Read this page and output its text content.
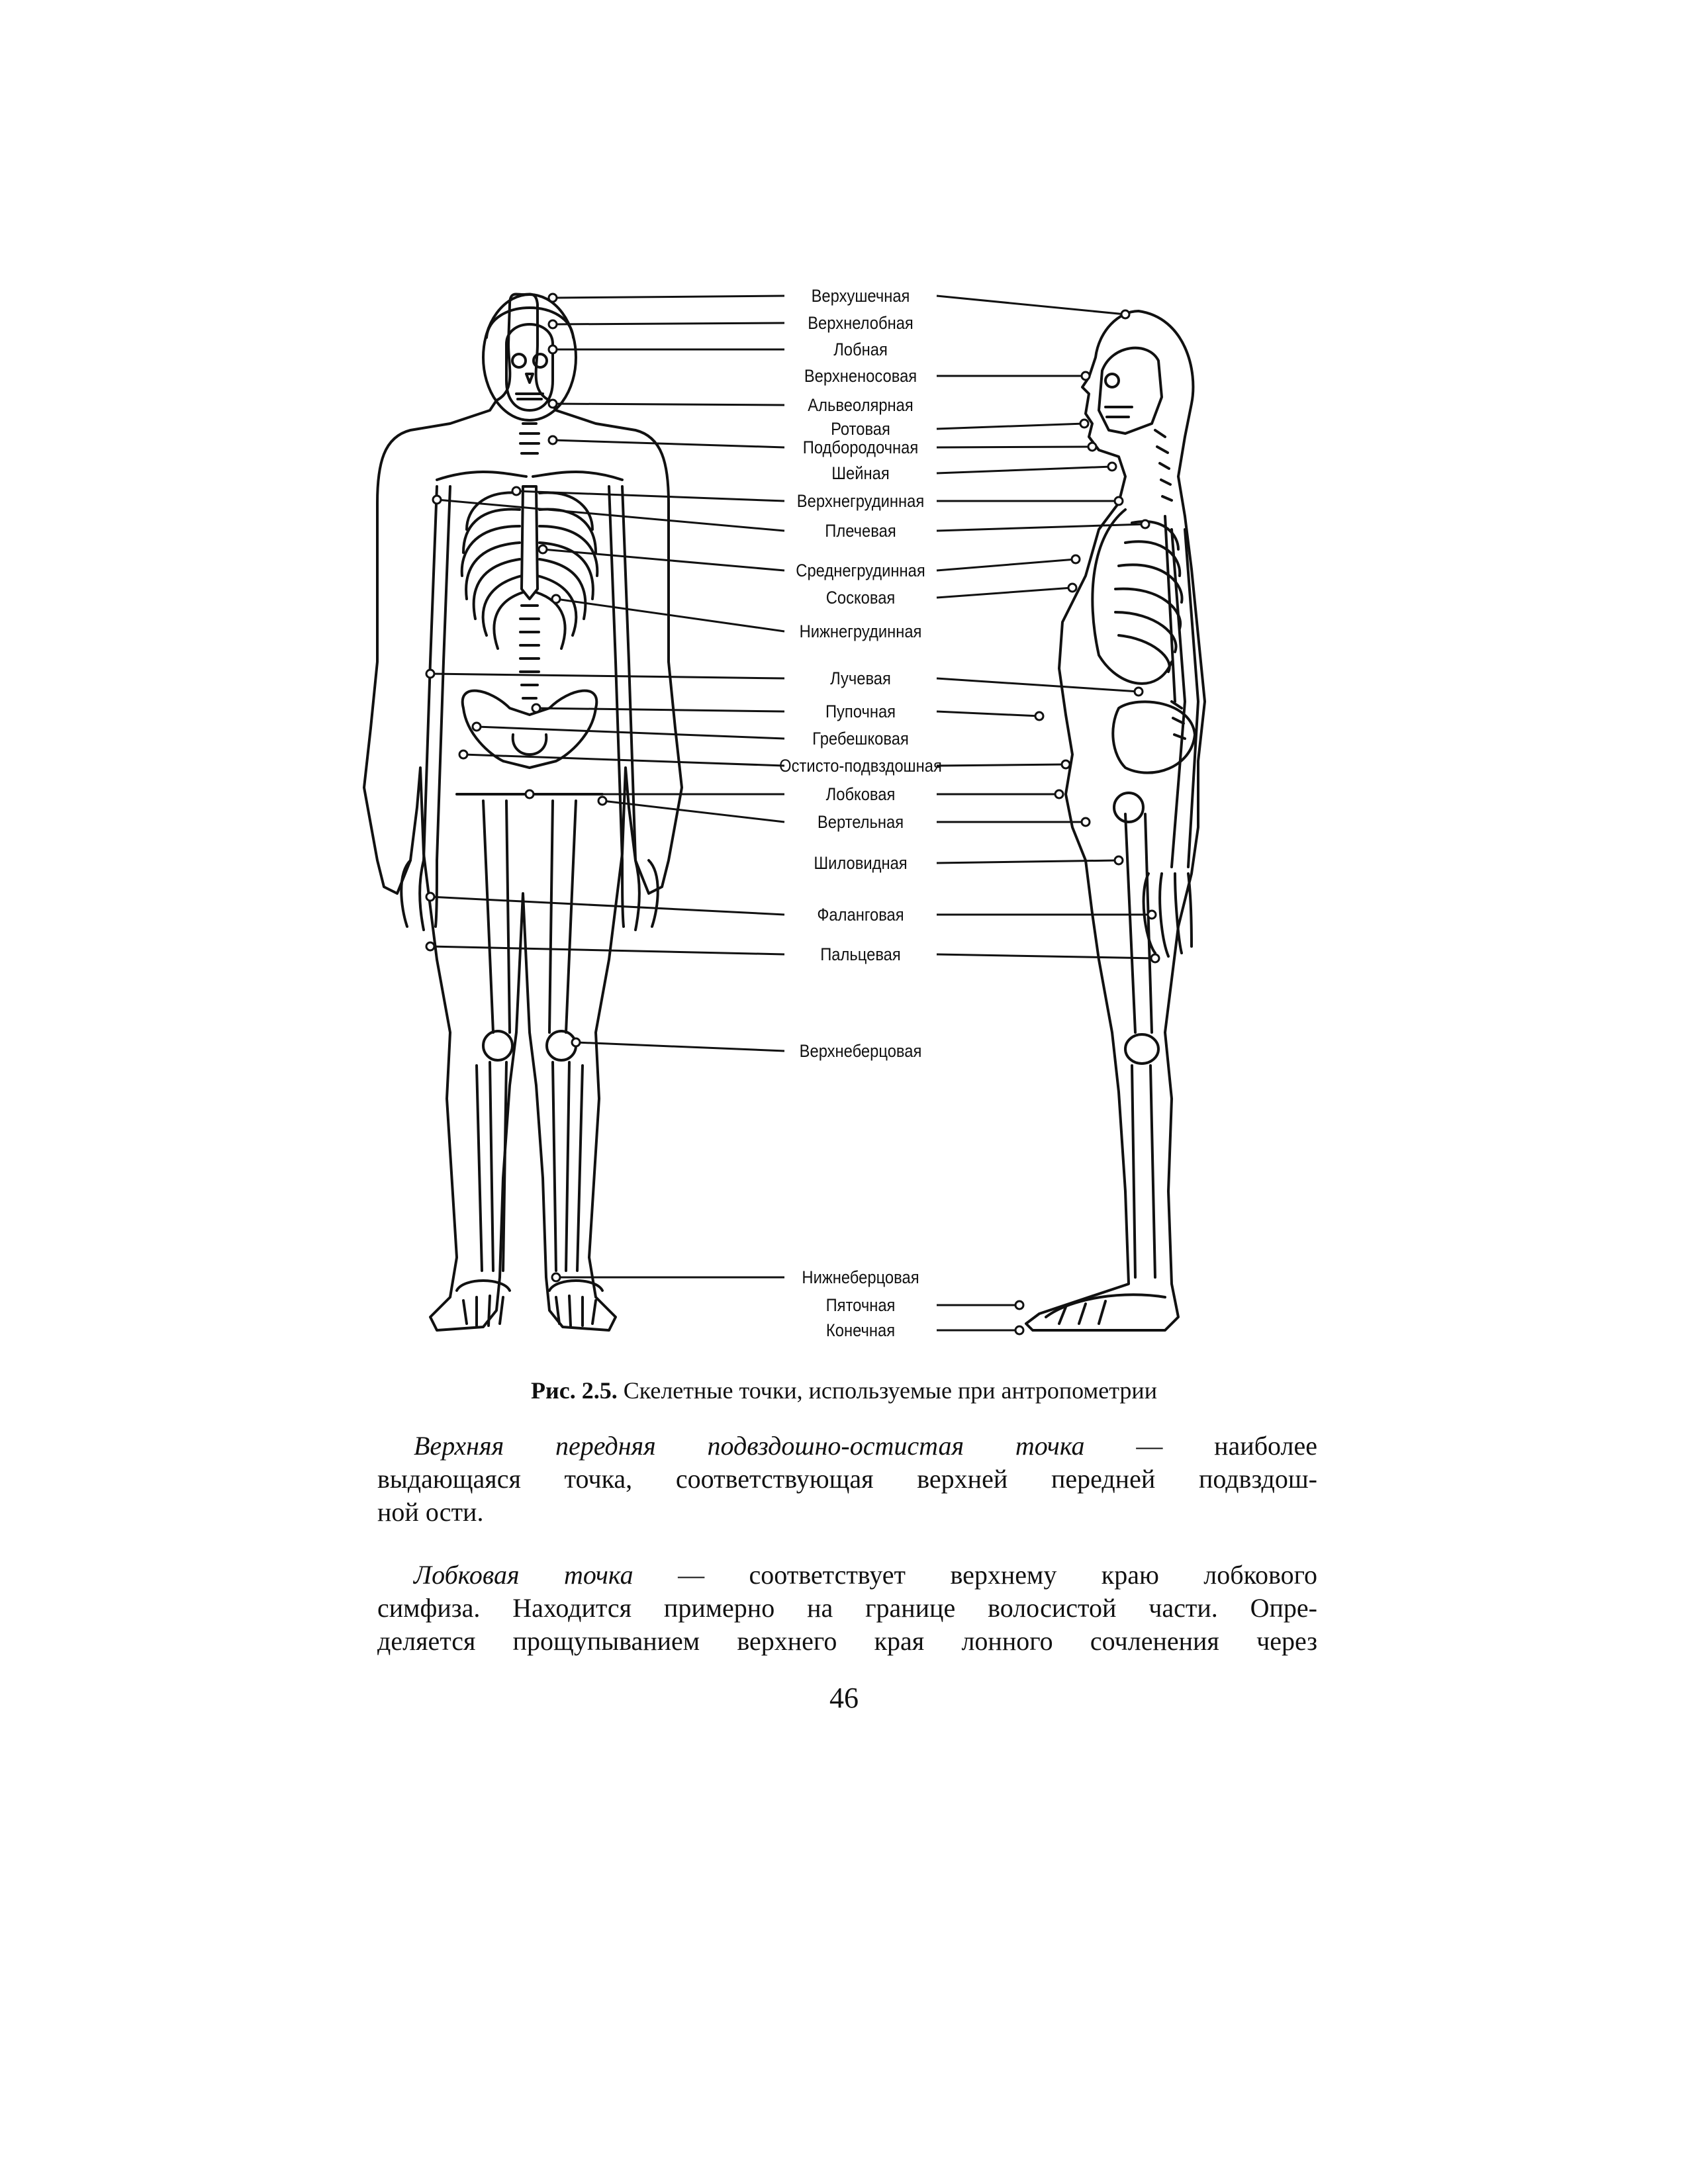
Верхушечная
Верхнелобная
Лобная
Верхненосовая
Альвеолярная
Ротовая
Подбородочная
Шейная
Верхнегрудинная
Плечевая
Среднегрудинная
Сосковая
Нижнегрудинная
Лучевая
Пупочная
Гребешковая
Остисто-подвздошная
Лобковая
Вертельная
Шиловидная
Фаланговая
Пальцевая
Верхнеберцовая
Нижнеберцовая
Пяточная
Конечная
Рис. 2.5. Скелетные точки, используемые при антропометрии
Верхняя передняя подвздошно-остистая точка — наиболее
выдающаяся точка, соответствующая верхней передней подвздош-
ной ости.
Лобковая точка — соответствует верхнему краю лобкового
симфиза. Находится примерно на границе волосистой части. Опре-
деляется прощупыванием верхнего края лонного сочленения через
46
